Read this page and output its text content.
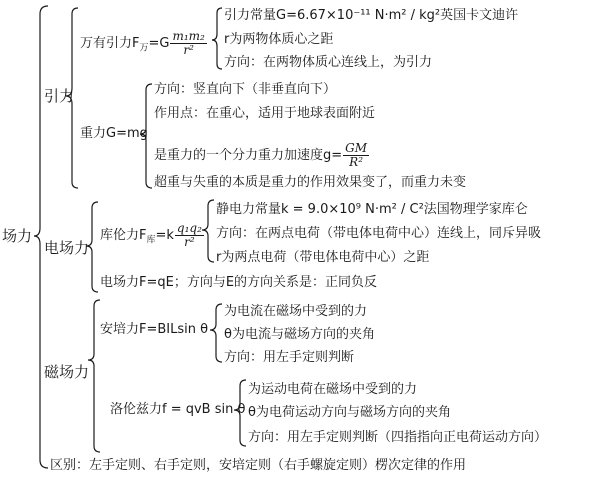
场力
引力
万有引力$F_万=G \frac{\text{m₁m₂}}{\text{r²}}$
引力常量G=6.67×10⁻¹¹ N·m² / kg²英国卡文迪许
r为两物体质心之距
方向：在两物体质心连线上，为引力
重力G=mg
方向：竖直向下（非垂直向下）
作用点：在重心，适用于地球表面附近
是重力的一个分力重力加速度$g= \frac{GM}{\text{R²}}$
超重与失重的本质是重力的作用效果变了，而重力未变
电场力
库伦力$F_库=k \frac{\text{q₁q₂}}{\text{r²}}$
静电力常量k = 9.0×10⁹ N·m² / C²法国物理学家库仑
方向：在两点电荷（带电体电荷中心）连线上，同斥异吸
r为两点电荷（带电体电荷中心）之距
电场力F=qE；方向与E的方向关系是：正同负反
磁场力
安培力F=BILsin θ
为电流在磁场中受到的力
θ为电流与磁场方向的夹角
方向：用左手定则判断
洛伦兹力f = qvB sin θ
为运动电荷在磁场中受到的力
θ为电荷运动方向与磁场方向的夹角
方向：用左手定则判断（四指指向正电荷运动方向）
区别：左手定则、右手定则，安培定则（右手螺旋定则）楞次定律的作用
